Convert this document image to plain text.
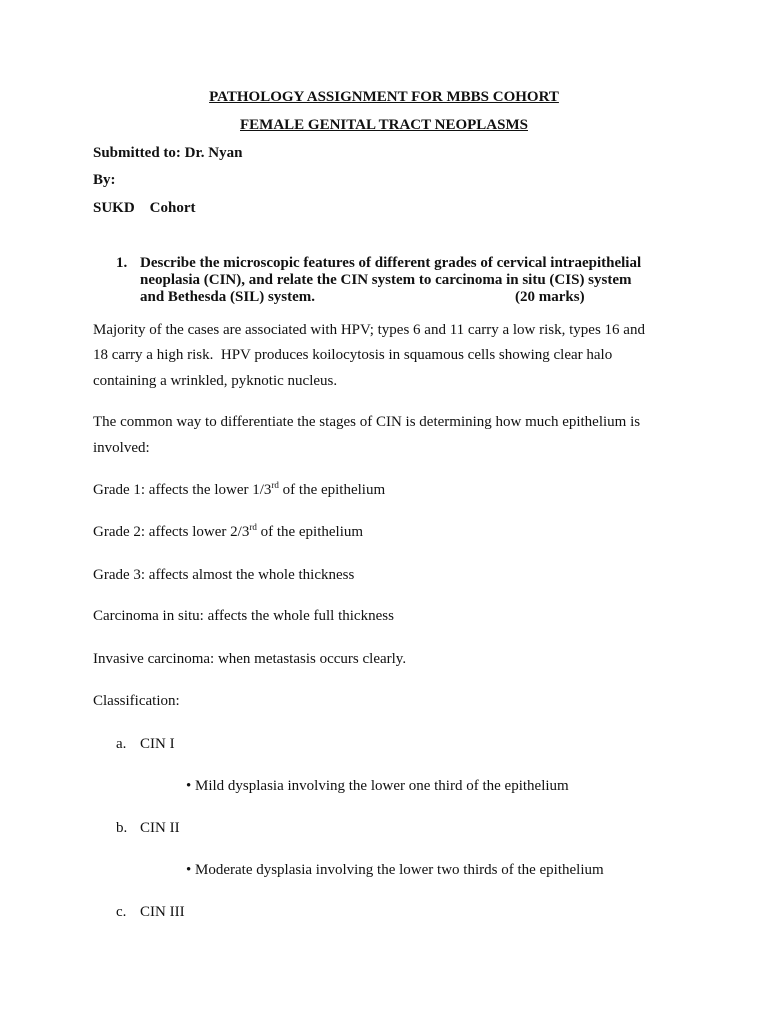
PATHOLOGY ASSIGNMENT FOR MBBS COHORT
FEMALE GENITAL TRACT NEOPLASMS
Submitted to: Dr. Nyan
By:
SUKD    Cohort
1. Describe the microscopic features of different grades of cervical intraepithelial
neoplasia (CIN), and relate the CIN system to carcinoma in situ (CIS) system
and Bethesda (SIL) system.	(20 marks)
Majority of the cases are associated with HPV; types 6 and 11 carry a low risk, types 16 and
18 carry a high risk.  HPV produces koilocytosis in squamous cells showing clear halo
containing a wrinkled, pyknotic nucleus.
The common way to differentiate the stages of CIN is determining how much epithelium is
involved:
Grade 1: affects the lower 1/3rd of the epithelium
Grade 2: affects lower 2/3rd of the epithelium
Grade 3: affects almost the whole thickness
Carcinoma in situ: affects the whole full thickness
Invasive carcinoma: when metastasis occurs clearly.
Classification:
a. CIN I
• Mild dysplasia involving the lower one third of the epithelium
b. CIN II
• Moderate dysplasia involving the lower two thirds of the epithelium
c. CIN III
